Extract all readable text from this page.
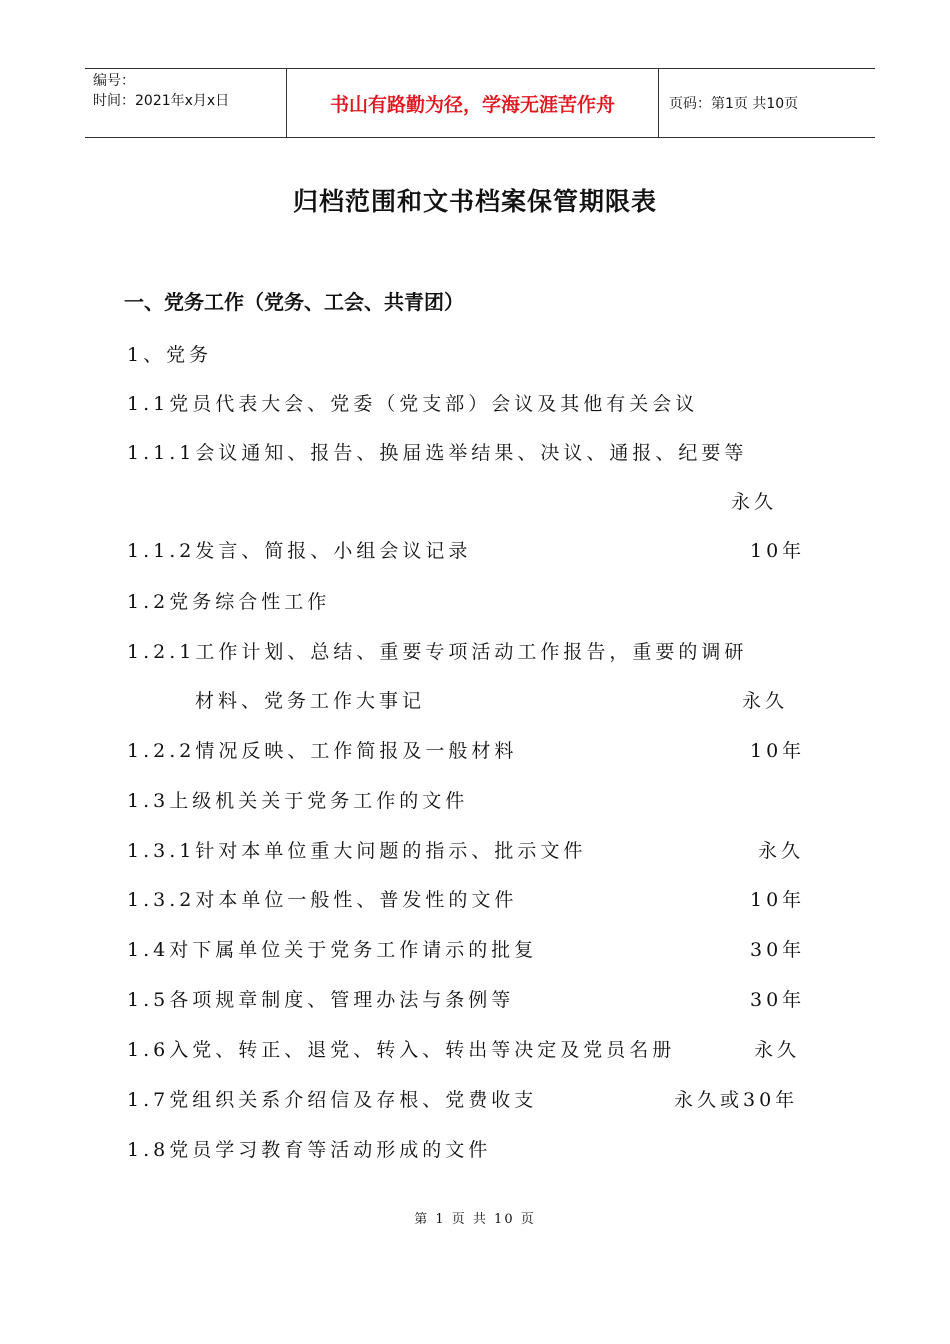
编号：
时间：2021年x月x日	书山有路勤为径，学海无涯苦作舟	页码：第1页 共10页
归档范围和文书档案保管期限表
一、党务工作（党务、工会、共青团）
1、党务
1.1党员代表大会、党委（党支部）会议及其他有关会议
1.1.1会议通知、报告、换届选举结果、决议、通报、纪要等
永久
1.1.2发言、简报、小组会议记录	10年
1.2党务综合性工作
1.2.1工作计划、总结、重要专项活动工作报告，重要的调研
材料、党务工作大事记	永久
1.2.2情况反映、工作简报及一般材料	10年
1.3上级机关关于党务工作的文件
1.3.1针对本单位重大问题的指示、批示文件	永久
1.3.2对本单位一般性、普发性的文件	10年
1.4对下属单位关于党务工作请示的批复	30年
1.5各项规章制度、管理办法与条例等	30年
1.6入党、转正、退党、转入、转出等决定及党员名册	永久
1.7党组织关系介绍信及存根、党费收支	永久或30年
1.8党员学习教育等活动形成的文件
第 1 页 共 10 页
